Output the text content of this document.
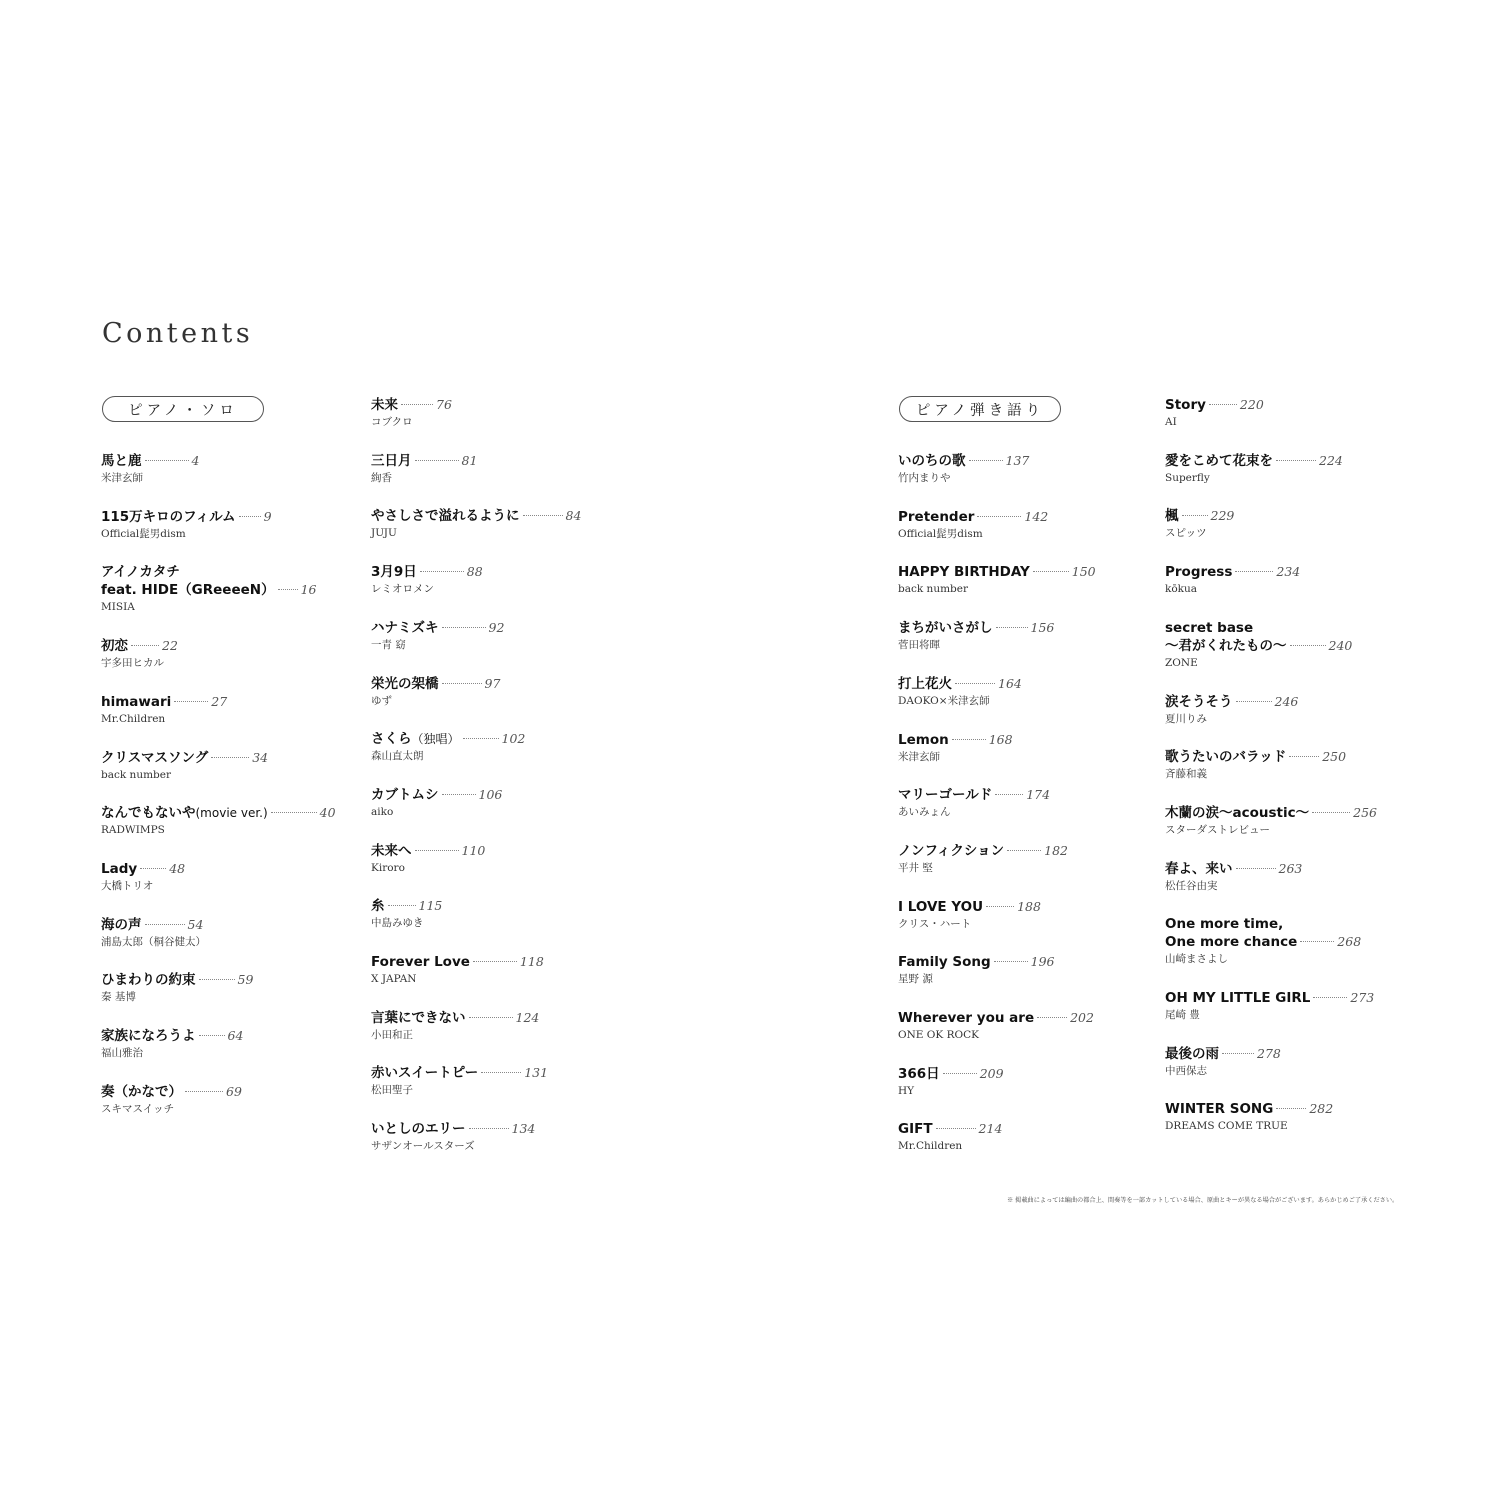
Contents
ピアノ・ソロ	ピアノ弾き語り
馬と鹿	4
米津玄師
115万キロのフィルム 9
Official髭男dism
アイノカタチ
feat. HIDE（GReeeeN） 16
MISIA
初恋	22
宇多田ヒカル
himawari	27
Mr.Children
クリスマスソング	34
back number
なんでもないや (movie ver.)	40
RADWIMPS
Lady	48
大橋トリオ
海の声	54
浦島太郎（桐谷健太）
ひまわりの約束	59
秦 基博
家族になろうよ	64
福山雅治
奏（かなで）	69
スキマスイッチ
未来	76
コブクロ
三日月	81
絢香
やさしさで溢れるように	84
JUJU
3月9日	88
レミオロメン
ハナミズキ	92
一青 窈
栄光の架橋	97
ゆず
さくら （独唱）	102
森山直太朗
カブトムシ	106
aiko
未来へ	110
Kiroro
糸	115
中島みゆき
Forever Love	118
X JAPAN
言葉にできない	124
小田和正
赤いスイートピー	131
松田聖子
いとしのエリー	134
サザンオールスターズ
いのちの歌	137
竹内まりや
Pretender	142
Official髭男dism
HAPPY BIRTHDAY	150
back number
まちがいさがし	156
菅田将暉
打上花火	164
DAOKO×米津玄師
Lemon	168
米津玄師
マリーゴールド	174
あいみょん
ノンフィクション	182
平井 堅
I LOVE YOU	188
クリス・ハート
Family Song	196
星野 源
Wherever you are	202
ONE OK ROCK
366日	209
HY
GIFT	214
Mr.Children
Story	220
AI
愛をこめて花束を	224
Superfly
楓	229
スピッツ
Progress	234
kōkua
secret base
〜君がくれたもの〜	240
ZONE
涙そうそう	246
夏川りみ
歌うたいのバラッド	250
斉藤和義
木蘭の涙〜acoustic〜	256
スターダストレビュー
春よ、来い	263
松任谷由実
One more time,
One more chance	268
山崎まさよし
OH MY LITTLE GIRL	273
尾崎 豊
最後の雨	278
中西保志
WINTER SONG	282
DREAMS COME TRUE
※ 掲載曲によっては編曲の都合上、間奏等を一部カットしている場合、原曲とキーが異なる場合がございます。あらかじめご了承ください。
